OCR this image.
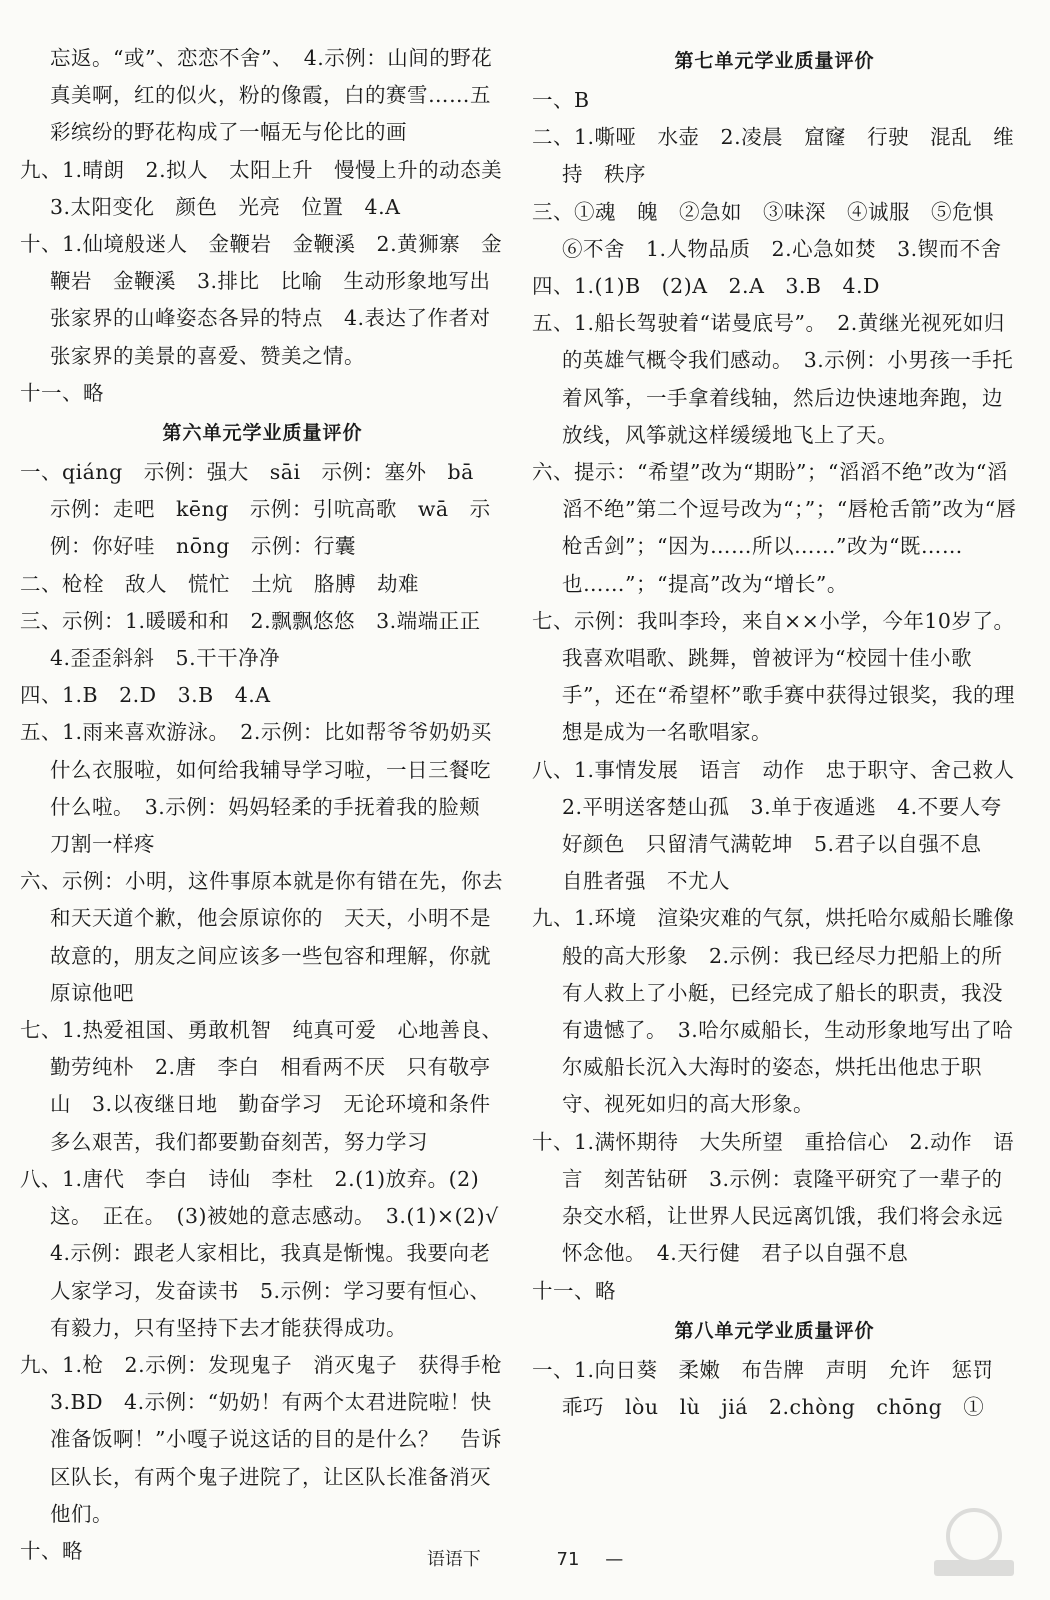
忘返。“或”、恋恋不舍”、　4.示例：山间的野花真美啊，红的似火，粉的像霞，白的赛雪……五彩缤纷的野花构成了一幅无与伦比的画
九、1.晴朗　2.拟人　太阳上升　慢慢上升的动态美　3.太阳变化　颜色　光亮　位置　4.A
十、1.仙境般迷人　金鞭岩　金鞭溪　2.黄狮寨　金鞭岩　金鞭溪　3.排比　比喻　生动形象地写出张家界的山峰姿态各异的特点　4.表达了作者对张家界的美景的喜爱、赞美之情。
十一、略
第六单元学业质量评价
一、qiáng　示例：强大　sāi　示例：塞外　bā　示例：走吧　kēng　示例：引吭高歌　wā　示例：你好哇　nōng　示例：行囊
二、枪栓　敌人　慌忙　土炕　胳膊　劫难
三、示例：1.暖暖和和　2.飘飘悠悠　3.端端正正　4.歪歪斜斜　5.干干净净
四、1.B　2.D　3.B　4.A
五、1.雨来喜欢游泳。　2.示例：比如帮爷爷奶奶买什么衣服啦，如何给我辅导学习啦，一日三餐吃什么啦。　3.示例：妈妈轻柔的手抚着我的脸颊　刀割一样疼
六、示例：小明，这件事原本就是你有错在先，你去和天天道个歉，他会原谅你的　天天，小明不是故意的，朋友之间应该多一些包容和理解，你就原谅他吧
七、1.热爱祖国、勇敢机智　纯真可爱　心地善良、勤劳纯朴　2.唐　李白　相看两不厌　只有敬亭山　3.以夜继日地　勤奋学习　无论环境和条件多么艰苦，我们都要勤奋刻苦，努力学习
八、1.唐代　李白　诗仙　李杜　2.(1)放弃。(2)这。　正在。　(3)被她的意志感动。　3.(1)×(2)√　4.示例：跟老人家相比，我真是惭愧。我要向老人家学习，发奋读书　5.示例：学习要有恒心、有毅力，只有坚持下去才能获得成功。
九、1.枪　2.示例：发现鬼子　消灭鬼子　获得手枪　3.BD　4.示例：“奶奶！有两个太君进院啦！快准备饭啊！”小嘎子说这话的目的是什么？　告诉区队长，有两个鬼子进院了，让区队长准备消灭他们。
十、略
第七单元学业质量评价
一、B
二、1.嘶哑　水壶　2.凌晨　窟窿　行驶　混乱　维持　秩序
三、①魂　魄　②急如　③味深　④诚服　⑤危惧　⑥不舍　1.人物品质　2.心急如焚　3.锲而不舍
四、1.(1)B　(2)A　2.A　3.B　4.D
五、1.船长驾驶着“诺曼底号”。　2.黄继光视死如归的英雄气概令我们感动。　3.示例：小男孩一手托着风筝，一手拿着线轴，然后边快速地奔跑，边放线，风筝就这样缓缓地飞上了天。
六、提示：“希望”改为“期盼”；“滔滔不绝”改为“滔滔不绝”第二个逗号改为“；”；“唇枪舌箭”改为“唇枪舌剑”；“因为……所以……”改为“既……也……”；“提高”改为“增长”。
七、示例：我叫李玲，来自××小学，今年10岁了。我喜欢唱歌、跳舞，曾被评为“校园十佳小歌手”，还在“希望杯”歌手赛中获得过银奖，我的理想是成为一名歌唱家。
八、1.事情发展　语言　动作　忠于职守、舍己救人　2.平明送客楚山孤　3.单于夜遁逃　4.不要人夸好颜色　只留清气满乾坤　5.君子以自强不息　自胜者强　不尤人
九、1.环境　渲染灾难的气氛，烘托哈尔威船长雕像般的高大形象　2.示例：我已经尽力把船上的所有人救上了小艇，已经完成了船长的职责，我没有遗憾了。　3.哈尔威船长，生动形象地写出了哈尔威船长沉入大海时的姿态，烘托出他忠于职守、视死如归的高大形象。
十、1.满怀期待　大失所望　重拾信心　2.动作　语言　刻苦钻研　3.示例：袁隆平研究了一辈子的杂交水稻，让世界人民远离饥饿，我们将会永远怀念他。　4.天行健　君子以自强不息
十一、略
第八单元学业质量评价
一、1.向日葵　柔嫩　布告牌　声明　允许　惩罚　乖巧　lòu　lù　jiá　2.chòng　chōng　①
语语下	71 —
